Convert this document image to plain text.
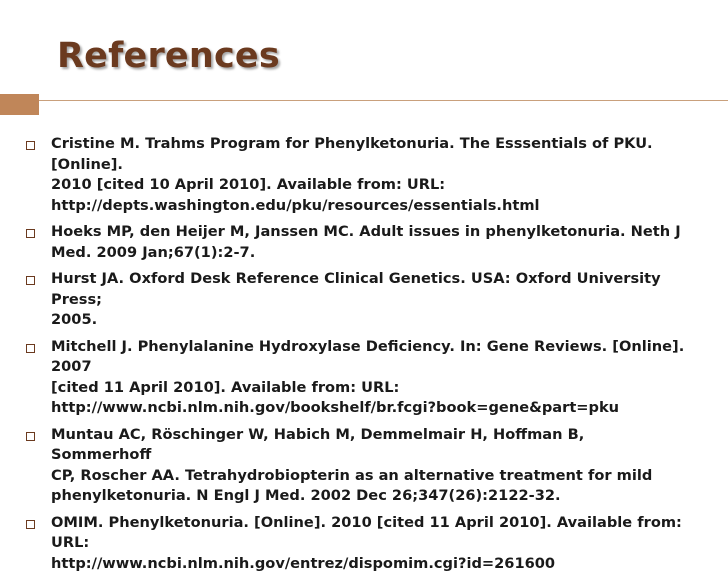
References
Cristine M. Trahms Program for Phenylketonuria. The Esssentials of PKU. [Online].
2010 [cited 10 April 2010]. Available from: URL:
http://depts.washington.edu/pku/resources/essentials.html
Hoeks MP, den Heijer M, Janssen MC. Adult issues in phenylketonuria. Neth J
Med. 2009 Jan;67(1):2-7.
Hurst JA. Oxford Desk Reference Clinical Genetics. USA: Oxford University Press;
2005.
Mitchell J. Phenylalanine Hydroxylase Deficiency. In: Gene Reviews. [Online]. 2007
[cited 11 April 2010]. Available from: URL:
http://www.ncbi.nlm.nih.gov/bookshelf/br.fcgi?book=gene&part=pku
Muntau AC, Röschinger W, Habich M, Demmelmair H, Hoffman B, Sommerhoff
CP, Roscher AA. Tetrahydrobiopterin as an alternative treatment for mild
phenylketonuria. N Engl J Med. 2002 Dec 26;347(26):2122-32.
OMIM. Phenylketonuria. [Online]. 2010 [cited 11 April 2010]. Available from: URL:
http://www.ncbi.nlm.nih.gov/entrez/dispomim.cgi?id=261600
